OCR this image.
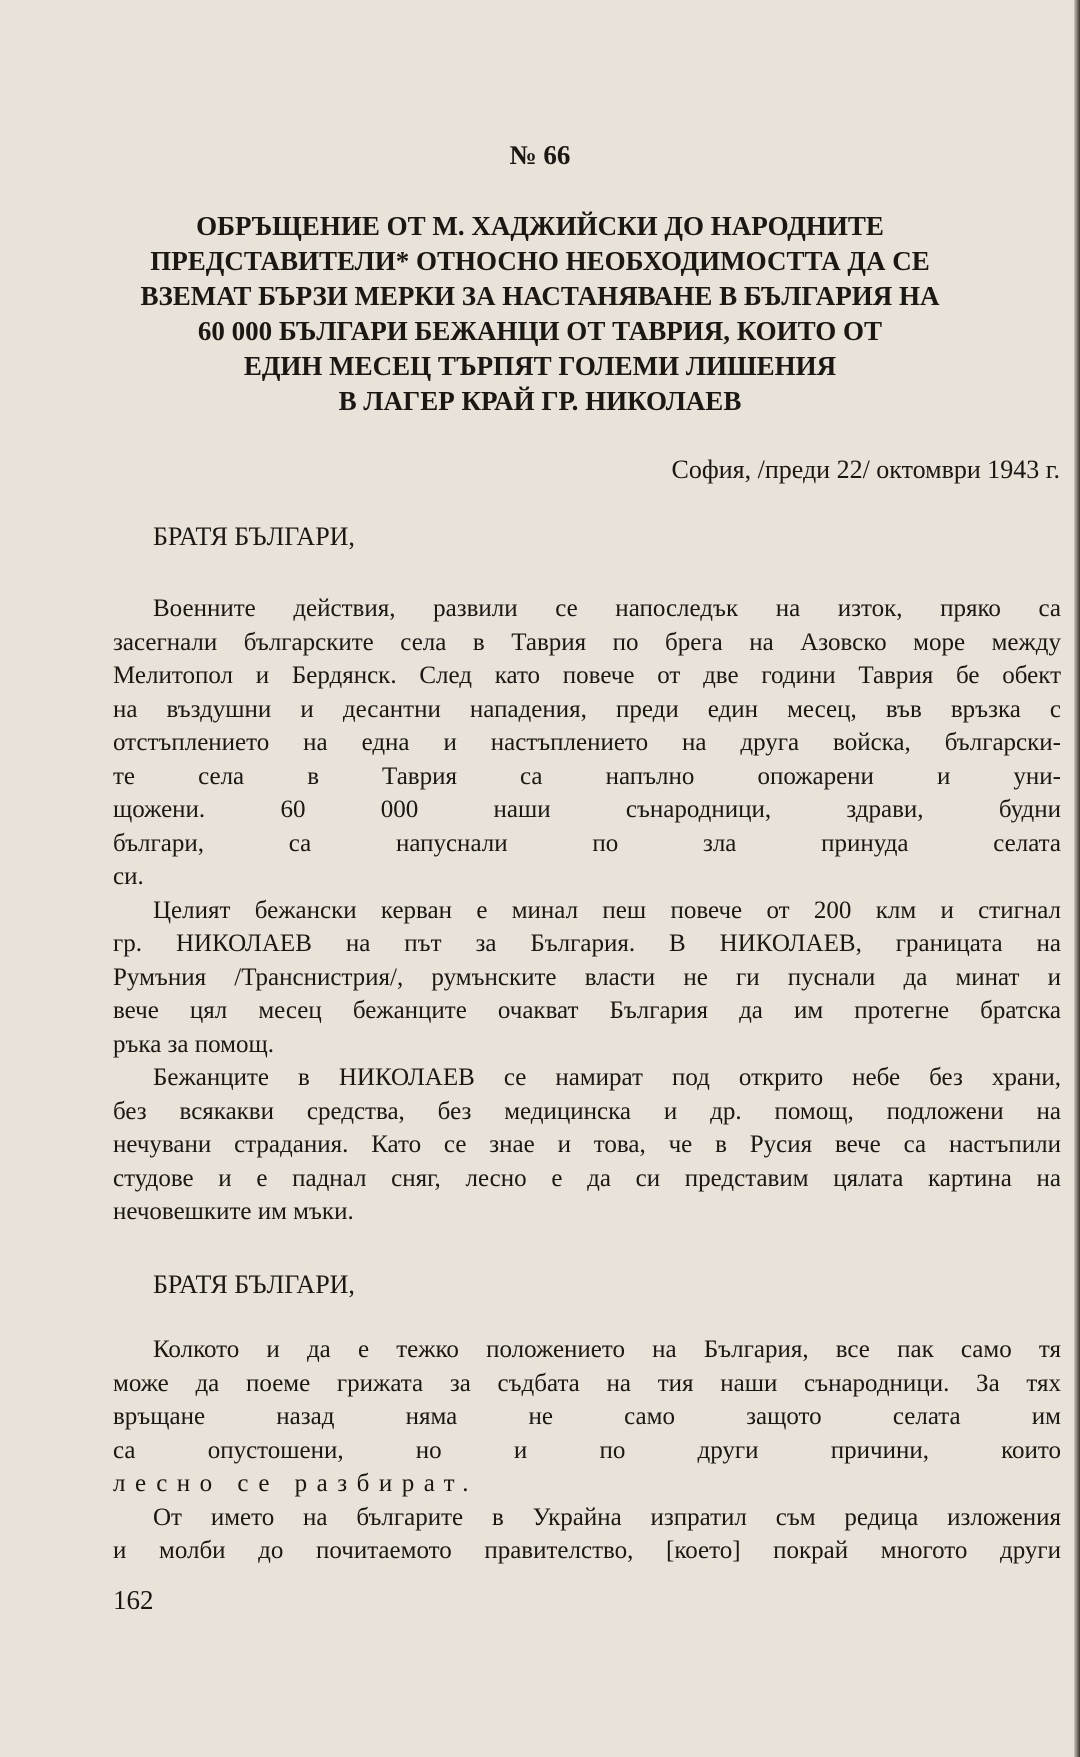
№ 66
ОБРЪЩЕНИЕ ОТ М. ХАДЖИЙСКИ ДО НАРОДНИТЕ
ПРЕДСТАВИТЕЛИ* ОТНОСНО НЕОБХОДИМОСТТА ДА СЕ
ВЗЕМАТ БЪРЗИ МЕРКИ ЗА НАСТАНЯВАНЕ В БЪЛГАРИЯ НА
60 000 БЪЛГАРИ БЕЖАНЦИ ОТ ТАВРИЯ, КОИТО ОТ
ЕДИН МЕСЕЦ ТЪРПЯТ ГОЛЕМИ ЛИШЕНИЯ
В ЛАГЕР КРАЙ ГР. НИКОЛАЕВ
София, /преди 22/ октомври 1943 г.
БРАТЯ БЪЛГАРИ,
Военните действия, развили се напоследък на изток, пряко са
засегнали българските села в Таврия по брега на Азовско море между
Мелитопол и Бердянск. След като повече от две години Таврия бе обект
на въздушни и десантни нападения, преди един месец, във връзка с
отстъплението на една и настъплението на друга войска, български-
те села в Таврия са напълно опожарени и уни-
щожени. 60 000 наши сънародници, здрави, будни
българи, са напуснали по зла принуда селата
си.
Целият бежански керван е минал пеш повече от 200 клм и стигнал
гр. НИКОЛАЕВ на път за България. В НИКОЛАЕВ, границата на
Румъния /Транснистрия/, румънските власти не ги пуснали да минат и
вече цял месец бежанците очакват България да им протегне братска
ръка за помощ.
Бежанците в НИКОЛАЕВ се намират под открито небе без храни,
без всякакви средства, без медицинска и др. помощ, подложени на
нечувани страдания. Като се знае и това, че в Русия вече са настъпили
студове и е паднал сняг, лесно е да си представим цялата картина на
нечовешките им мъки.
БРАТЯ БЪЛГАРИ,
Колкото и да е тежко положението на България, все пак само тя
може да поеме грижата за съдбата на тия наши сънародници. За тях
връщане назад няма не само защото селата им
са опустошени, но и по други причини, които
лесно се разбират.
От името на българите в Украйна изпратил съм редица изложения
и молби до почитаемото правителство, [което] покрай многото други
162
